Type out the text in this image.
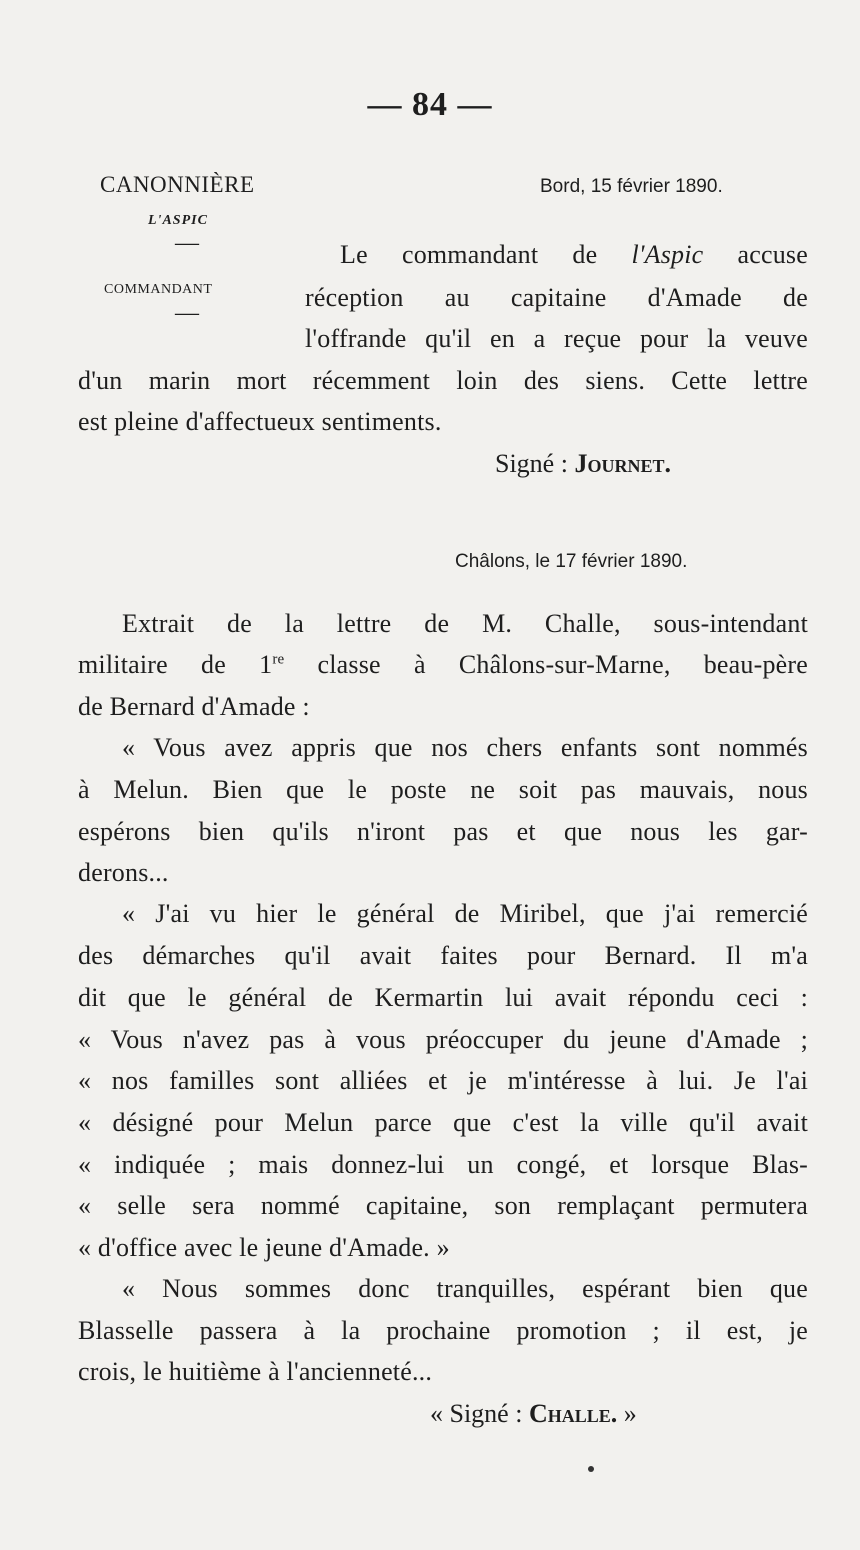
— 84 —
CANONNIÈRE
L'ASPIC
—
COMMANDANT
—
Bord, 15 février 1890.
Le commandant de l'Aspic accuse
réception au capitaine d'Amade de
l'offrande qu'il en a reçue pour la veuve
d'un marin mort récemment loin des siens. Cette lettre
est pleine d'affectueux sentiments.
Signé : Journet.
Châlons, le 17 février 1890.
Extrait de la lettre de M. Challe, sous-intendant
militaire de 1re classe à Châlons-sur-Marne, beau-père
de Bernard d'Amade :
« Vous avez appris que nos chers enfants sont nommés
à Melun. Bien que le poste ne soit pas mauvais, nous
espérons bien qu'ils n'iront pas et que nous les gar-
derons...
« J'ai vu hier le général de Miribel, que j'ai remercié
des démarches qu'il avait faites pour Bernard. Il m'a
dit que le général de Kermartin lui avait répondu ceci :
« Vous n'avez pas à vous préoccuper du jeune d'Amade ;
« nos familles sont alliées et je m'intéresse à lui. Je l'ai
« désigné pour Melun parce que c'est la ville qu'il avait
« indiquée ; mais donnez-lui un congé, et lorsque Blas-
« selle sera nommé capitaine, son remplaçant permutera
« d'office avec le jeune d'Amade. »
« Nous sommes donc tranquilles, espérant bien que
Blasselle passera à la prochaine promotion ; il est, je
crois, le huitième à l'ancienneté...
« Signé : Challe. »
